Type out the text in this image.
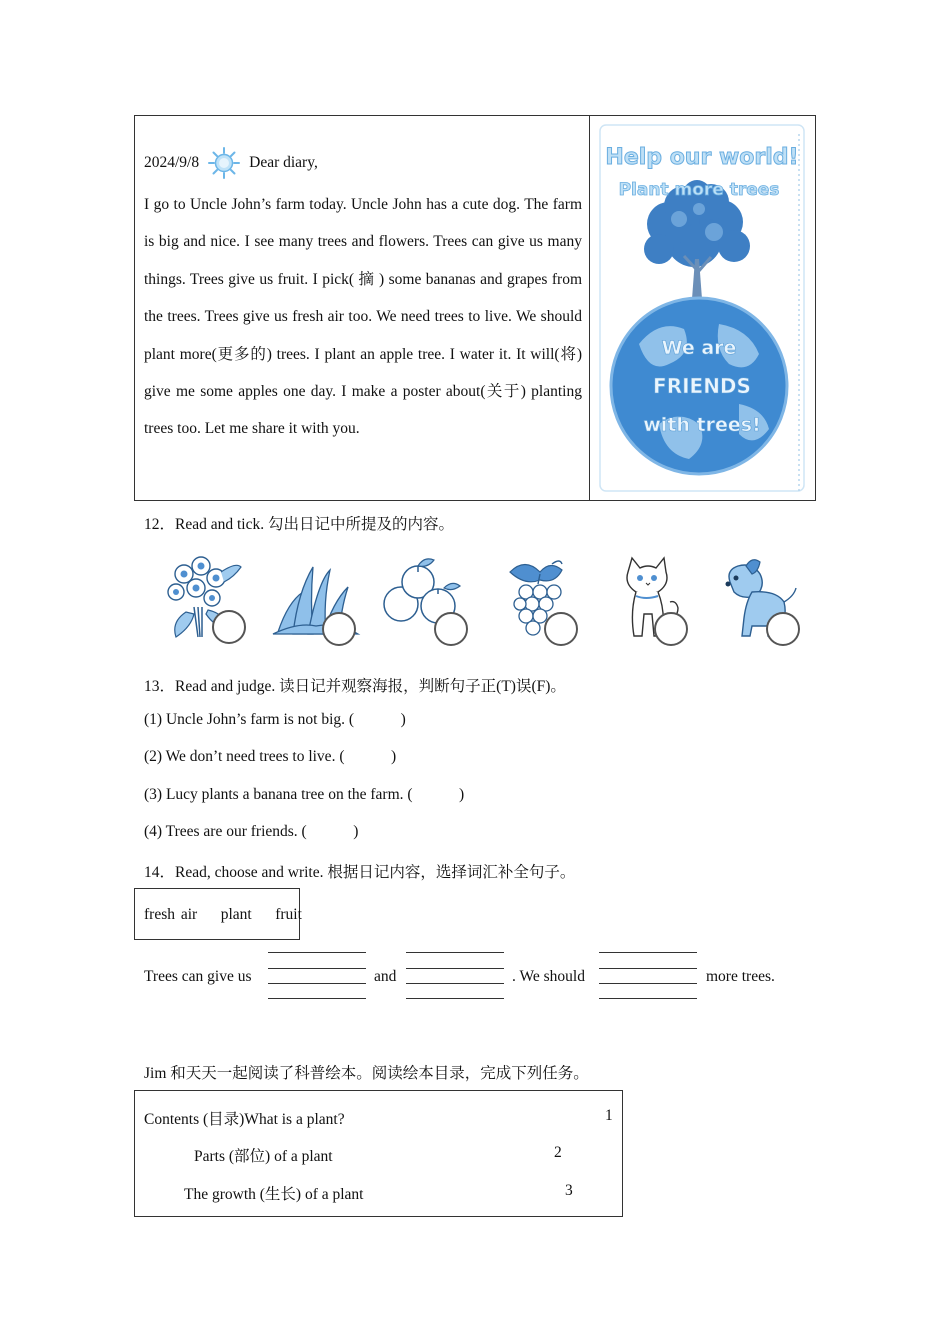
2024/9/8	Dear diary,
I go to Uncle John’s farm today. Uncle John has a cute dog. The farm is big and nice. I see many trees and flowers. Trees can give us many things. Trees give us fruit. I pick( 摘 ) some bananas and grapes from the trees. Trees give us fresh air too. We need trees to live. We should plant more(更多的) trees. I plant an apple tree. I water it. It will(将) give me some apples one day. I make a poster about(关于) planting trees too. Let me share it with you.
Help our world!
Plant more trees
We are
FRIENDS
with trees!
12．Read and tick. 勾出日记中所提及的内容。
13．Read and judge. 读日记并观察海报，判断句子正(T)误(F)。
(1) Uncle John’s farm is not big. (            )
(2) We don’t need trees to live. (            )
(3) Lucy plants a banana tree on the farm. (            )
(4) Trees are our friends. (            )
14．Read, choose and write. 根据日记内容，选择词汇补全句子。
fresh air    plant    fruit
Trees can give us	and	. We should	more trees.
Jim 和天天一起阅读了科普绘本。阅读绘本目录，完成下列任务。
Contents (目录)What is a plant?	1
Parts (部位) of a plant	2
The growth (生长) of a plant	3
